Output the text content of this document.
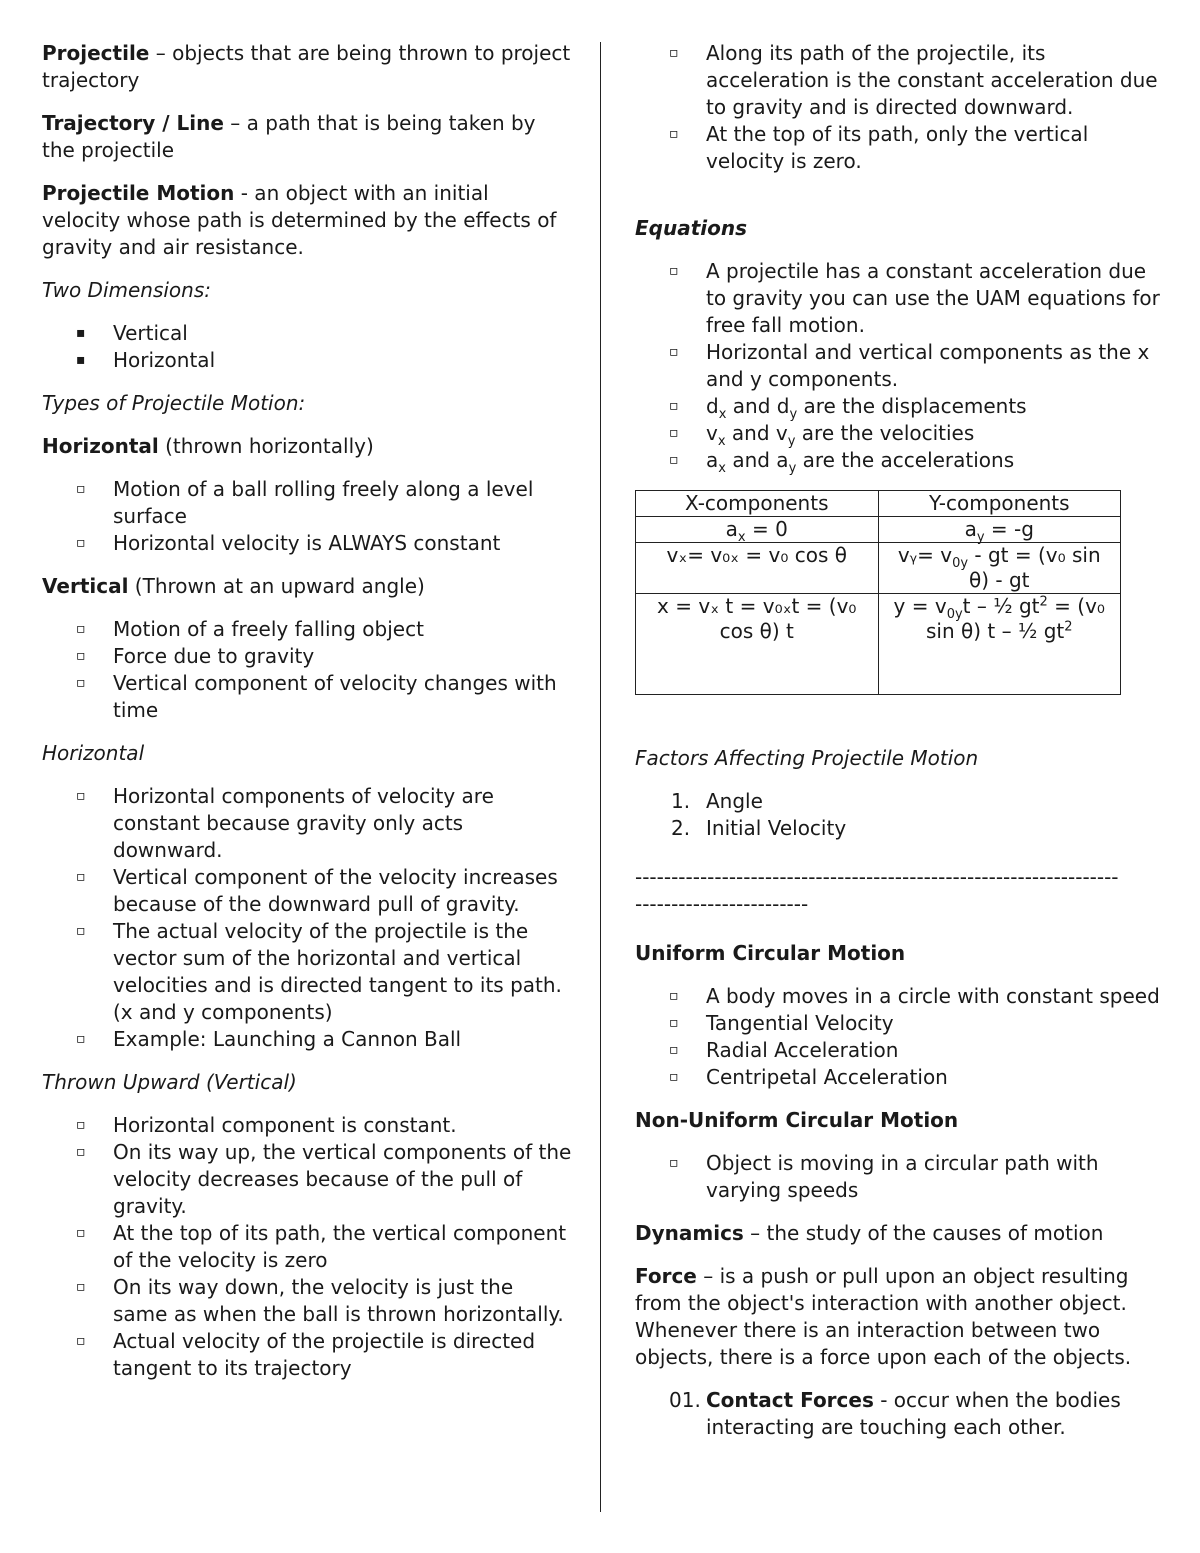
Projectile – objects that are being thrown to project trajectory

Trajectory / Line – a path that is being taken by the projectile

Projectile Motion - an object with an initial velocity whose path is determined by the effects of gravity and air resistance.

Two Dimensions:

▪ Vertical
▪ Horizontal

Types of Projectile Motion:

Horizontal (thrown horizontally)

▫ Motion of a ball rolling freely along a level surface
▫ Horizontal velocity is ALWAYS constant

Vertical (Thrown at an upward angle)

▫ Motion of a freely falling object
▫ Force due to gravity
▫ Vertical component of velocity changes with time

Horizontal

▫ Horizontal components of velocity are constant because gravity only acts downward.
▫ Vertical component of the velocity increases because of the downward pull of gravity.
▫ The actual velocity of the projectile is the vector sum of the horizontal and vertical velocities and is directed tangent to its path. (x and y components)
▫ Example: Launching a Cannon Ball

Thrown Upward (Vertical)

▫ Horizontal component is constant.
▫ On its way up, the vertical components of the velocity decreases because of the pull of gravity.
▫ At the top of its path, the vertical component of the velocity is zero
▫ On its way down, the velocity is just the same as when the ball is thrown horizontally.
▫ Actual velocity of the projectile is directed tangent to its trajectory
▫ Along its path of the projectile, its acceleration is the constant acceleration due to gravity and is directed downward.
▫ At the top of its path, only the vertical velocity is zero.

Equations

▫ A projectile has a constant acceleration due to gravity you can use the UAM equations for free fall motion.
▫ Horizontal and vertical components as the x and y components.
▫ $d_x$ and $d_y$ are the displacements
▫ $v_x$ and $v_y$ are the velocities
▫ $a_x$ and $a_y$ are the accelerations
X-components	Y-components
$a_x = 0$	$a_y = -g$
vₓ= v₀ₓ = v₀ cos θ	vᵧ= $v_{0y}$ - gt = (v₀ sin θ) - gt
x = vₓ t = v₀ₓt = (v₀ cos θ) t	$y = v_{0y}t$ – ½ $gt^2 = (v_0$ sin θ) t – ½ $gt^2$

Factors Affecting Projectile Motion

1. Angle
2. Initial Velocity

-------------------------------------------------------------------

------------------------

Uniform Circular Motion

▫ A body moves in a circle with constant speed
▫ Tangential Velocity
▫ Radial Acceleration
▫ Centripetal Acceleration

Non-Uniform Circular Motion

▫ Object is moving in a circular path with varying speeds

Dynamics – the study of the causes of motion

Force – is a push or pull upon an object resulting from the object's interaction with another object. Whenever there is an interaction between two objects, there is a force upon each of the objects.

01. Contact Forces - occur when the bodies interacting are touching each other.
